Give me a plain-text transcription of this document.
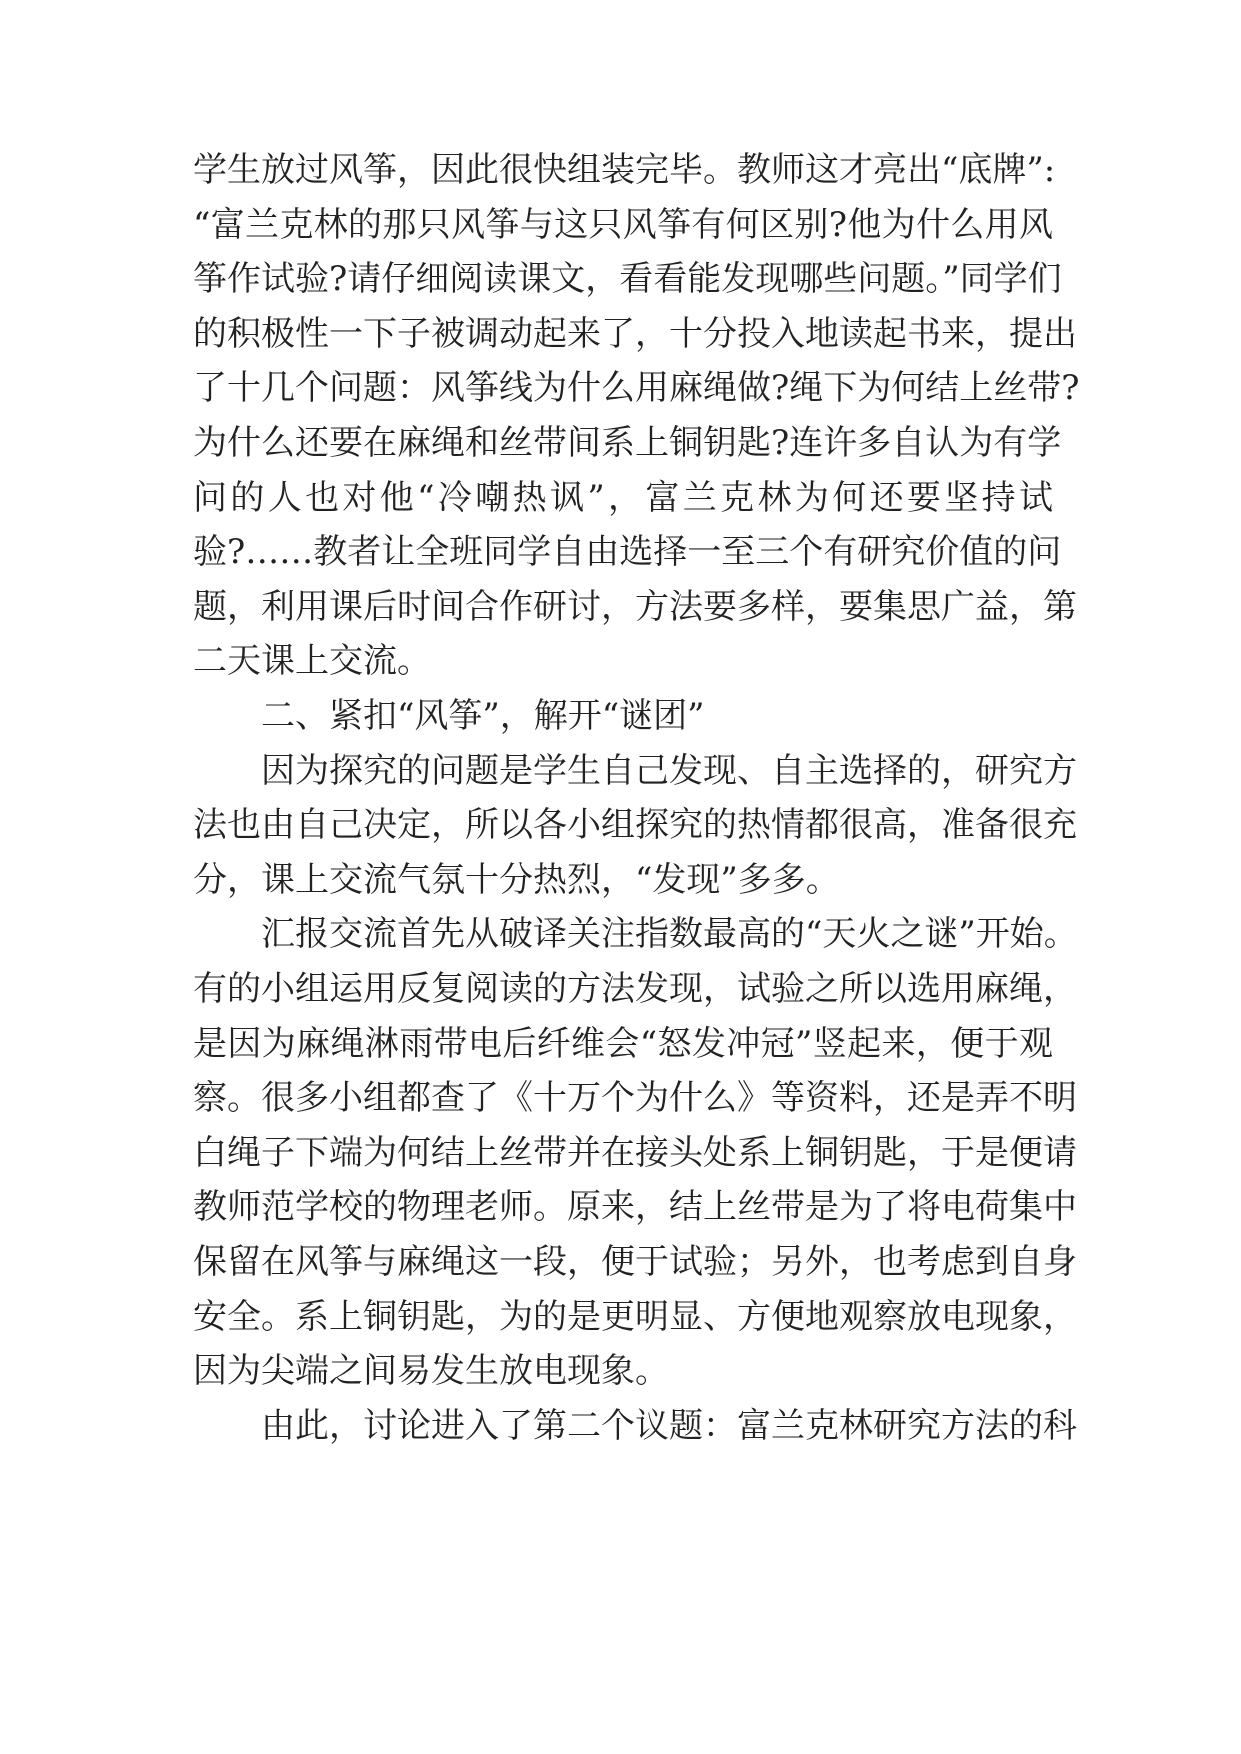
学生放过风筝，因此很快组装完毕。教师这才亮出“底牌”:
“富兰克林的那只风筝与这只风筝有何区别?他为什么用风
筝作试验?请仔细阅读课文，看看能发现哪些问题。”同学们
的积极性一下子被调动起来了，十分投入地读起书来，提出
了十几个问题：风筝线为什么用麻绳做?绳下为何结上丝带?
为什么还要在麻绳和丝带间系上铜钥匙?连许多自认为有学
问的人也对他“冷嘲热讽”，富兰克林为何还要坚持试
验?……教者让全班同学自由选择一至三个有研究价值的问
题，利用课后时间合作研讨，方法要多样，要集思广益，第
二天课上交流。
二、紧扣“风筝”，解开“谜团”
因为探究的问题是学生自己发现、自主选择的，研究方
法也由自己决定，所以各小组探究的热情都很高，准备很充
分，课上交流气氛十分热烈，“发现”多多。
汇报交流首先从破译关注指数最高的“天火之谜”开始。
有的小组运用反复阅读的方法发现，试验之所以选用麻绳，
是因为麻绳淋雨带电后纤维会“怒发冲冠”竖起来，便于观
察。很多小组都查了《十万个为什么》等资料，还是弄不明
白绳子下端为何结上丝带并在接头处系上铜钥匙，于是便请
教师范学校的物理老师。原来，结上丝带是为了将电荷集中
保留在风筝与麻绳这一段，便于试验；另外，也考虑到自身
安全。系上铜钥匙，为的是更明显、方便地观察放电现象，
因为尖端之间易发生放电现象。
由此，讨论进入了第二个议题：富兰克林研究方法的科
